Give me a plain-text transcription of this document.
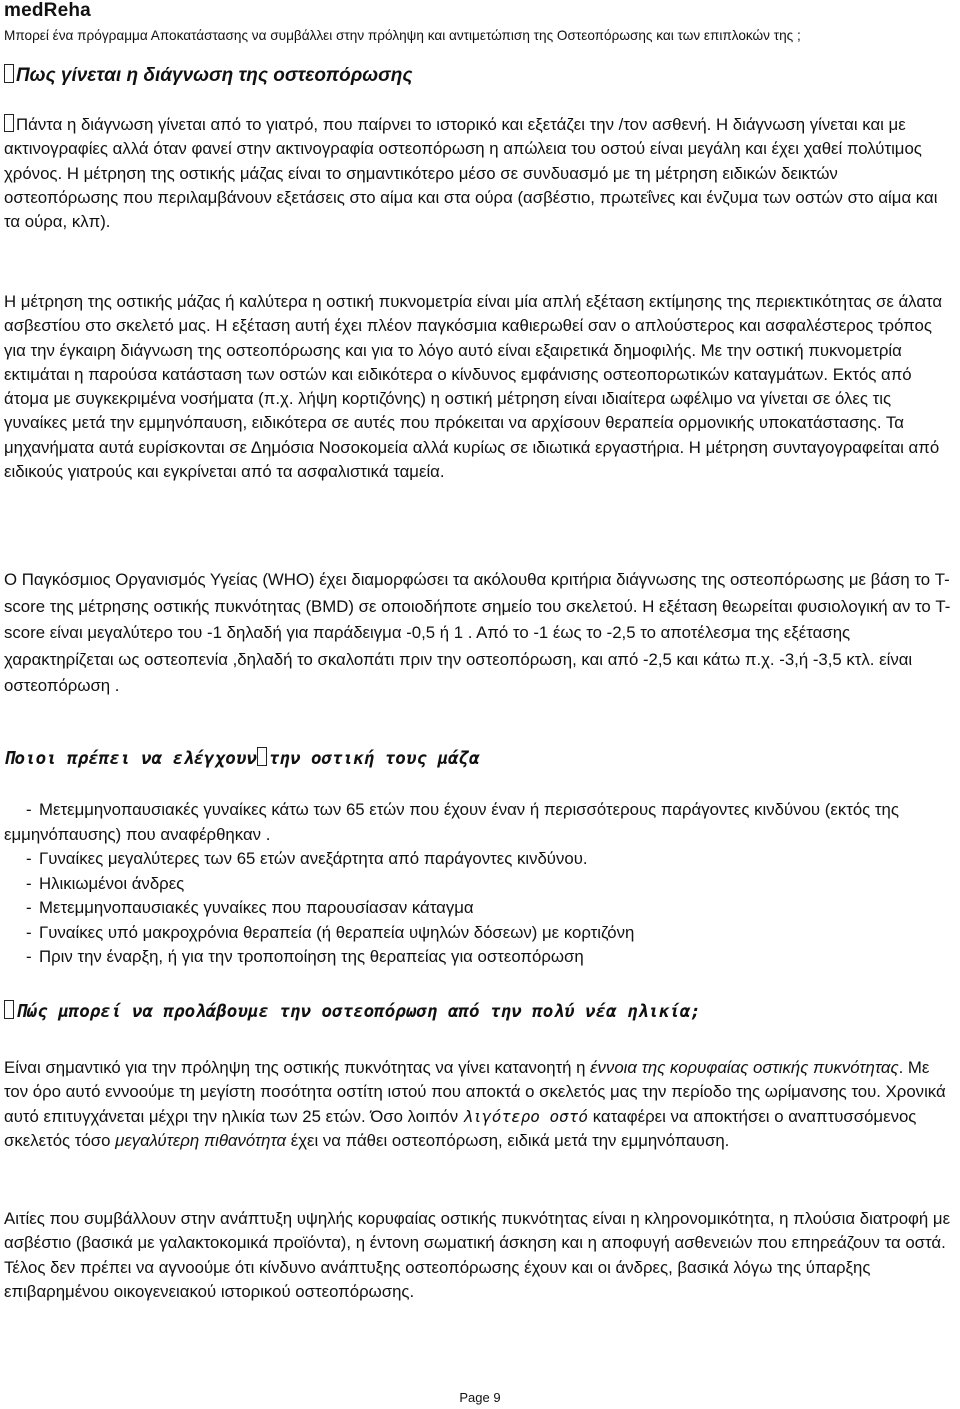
medReha
Μπορεί ένα πρόγραμμα Αποκατάστασης να συμβάλλει στην πρόληψη και αντιμετώπιση της Οστεοπόρωσης και των επιπλοκών της ;
Πως γίνεται η διάγνωση της οστεοπόρωσης

Πάντα η διάγνωση γίνεται από το γιατρό, που παίρνει το ιστορικό και εξετάζει την /τον ασθενή. Η διάγνωση γίνεται και με ακτινογραφίες αλλά όταν φανεί στην ακτινογραφία οστεοπόρωση η απώλεια του οστού είναι μεγάλη και έχει χαθεί πολύτιμος χρόνος. Η μέτρηση της οστικής μάζας είναι το σημαντικότερο μέσο σε συνδυασμό με τη μέτρηση ειδικών δεικτών οστεοπόρωσης που περιλαμβάνουν εξετάσεις στο αίμα και στα ούρα (ασβέστιο, πρωτεΐνες και ένζυμα των οστών στο αίμα και τα ούρα, κλπ).

Η μέτρηση της οστικής μάζας ή καλύτερα η οστική πυκνομετρία είναι μία απλή εξέταση εκτίμησης της περιεκτικότητας σε άλατα ασβεστίου στο σκελετό μας. Η εξέταση αυτή έχει πλέον παγκόσμια καθιερωθεί σαν ο απλούστερος και ασφαλέστερος τρόπος για την έγκαιρη διάγνωση της οστεοπόρωσης και για το λόγο αυτό είναι εξαιρετικά δημοφιλής. Με την οστική πυκνομετρία εκτιμάται η παρούσα κατάσταση των οστών και ειδικότερα ο κίνδυνος εμφάνισης οστεοπορωτικών καταγμάτων. Εκτός από άτομα με συγκεκριμένα νοσήματα (π.χ. λήψη κορτιζόνης) η οστική μέτρηση είναι ιδιαίτερα ωφέλιμο να γίνεται σε όλες τις γυναίκες μετά την εμμηνόπαυση, ειδικότερα σε αυτές που πρόκειται να αρχίσουν θεραπεία ορμονικής υποκατάστασης. Τα μηχανήματα αυτά ευρίσκονται σε Δημόσια Νοσοκομεία αλλά κυρίως σε ιδιωτικά εργαστήρια. Η μέτρηση συνταγογραφείται από ειδικούς γιατρούς και εγκρίνεται από τα ασφαλιστικά ταμεία.

Ο Παγκόσμιος Οργανισμός Υγείας (WHO) έχει διαμορφώσει τα ακόλουθα κριτήρια διάγνωσης της οστεοπόρωσης με βάση το T-score της μέτρησης οστικής πυκνότητας (BMD) σε οποιοδήποτε σημείο του σκελετού. Η εξέταση θεωρείται φυσιολογική αν το T-score είναι μεγαλύτερο του -1 δηλαδή για παράδειγμα -0,5 ή 1 . Από το -1 έως το -2,5 το αποτέλεσμα της εξέτασης χαρακτηρίζεται ως οστεοπενία ,δηλαδή το σκαλοπάτι πριν την οστεοπόρωση, και από -2,5 και κάτω π.χ. -3,ή -3,5 κτλ. είναι οστεοπόρωση .

Ποιοι πρέπει να ελέγχουν την οστική τους μάζα
- Μετεμμηνοπαυσιακές γυναίκες κάτω των 65 ετών που έχουν έναν ή περισσότερους παράγοντες κινδύνου (εκτός της εμμηνόπαυσης) που αναφέρθηκαν .
- Γυναίκες μεγαλύτερες των 65 ετών ανεξάρτητα από παράγοντες κινδύνου.
- Ηλικιωμένοι άνδρες
- Μετεμμηνοπαυσιακές γυναίκες που παρουσίασαν κάταγμα
- Γυναίκες υπό μακροχρόνια θεραπεία (ή θεραπεία υψηλών δόσεων) με κορτιζόνη
- Πριν την έναρξη, ή για την τροποποίηση της θεραπείας για οστεοπόρωση
Πώς μπορεί να προλάβουμε την οστεοπόρωση από την πολύ νέα ηλικία;

Είναι σημαντικό για την πρόληψη της οστικής πυκνότητας να γίνει κατανοητή η έννοια της κορυφαίας οστικής πυκνότητας. Με τον όρο αυτό εννοούμε τη μεγίστη ποσότητα οστίτη ιστού που αποκτά ο σκελετός μας την περίοδο της ωρίμανσης του. Χρονικά αυτό επιτυγχάνεται μέχρι την ηλικία των 25 ετών. Όσο λοιπόν λιγότερο οστό καταφέρει να αποκτήσει ο αναπτυσσόμενος σκελετός τόσο μεγαλύτερη πιθανότητα έχει να πάθει οστεοπόρωση, ειδικά μετά την εμμηνόπαυση.

Αιτίες που συμβάλλουν στην ανάπτυξη υψηλής κορυφαίας οστικής πυκνότητας είναι η κληρονομικότητα, η πλούσια διατροφή με ασβέστιο (βασικά με γαλακτοκομικά προϊόντα), η έντονη σωματική άσκηση και η αποφυγή ασθενειών που επηρεάζουν τα οστά. Τέλος δεν πρέπει να αγνοούμε ότι κίνδυνο ανάπτυξης οστεοπόρωσης έχουν και οι άνδρες, βασικά λόγω της ύπαρξης επιβαρημένου οικογενειακού ιστορικού οστεοπόρωσης.

Page 9
